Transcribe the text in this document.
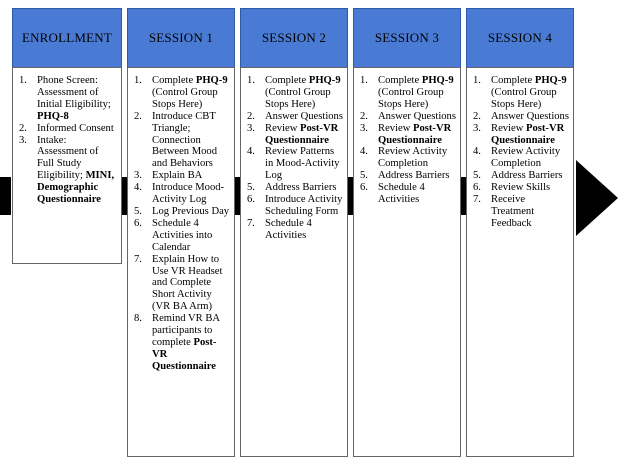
ENROLLMENT
1. Phone Screen: Assessment of Initial Eligibility; PHQ-8
2. Informed Consent
3. Intake: Assessment of Full Study Eligibility; MINI, Demographic Questionnaire
SESSION 1
1. Complete PHQ-9 (Control Group Stops Here)
2. Introduce CBT Triangle; Connection Between Mood and Behaviors
3. Explain BA
4. Introduce Mood-Activity Log
5. Log Previous Day
6. Schedule 4 Activities into Calendar
7. Explain How to Use VR Headset and Complete Short Activity (VR BA Arm)
8. Remind VR BA participants to complete Post-VR Questionnaire
SESSION 2
1. Complete PHQ-9 (Control Group Stops Here)
2. Answer Questions
3. Review Post-VR Questionnaire
4. Review Patterns in Mood-Activity Log
5. Address Barriers
6. Introduce Activity Scheduling Form
7. Schedule 4 Activities
SESSION 3
1. Complete PHQ-9 (Control Group Stops Here)
2. Answer Questions
3. Review Post-VR Questionnaire
4. Review Activity Completion
5. Address Barriers
6. Schedule 4 Activities
SESSION 4
1. Complete PHQ-9 (Control Group Stops Here)
2. Answer Questions
3. Review Post-VR Questionnaire
4. Review Activity Completion
5. Address Barriers
6. Review Skills
7. Receive Treatment Feedback
